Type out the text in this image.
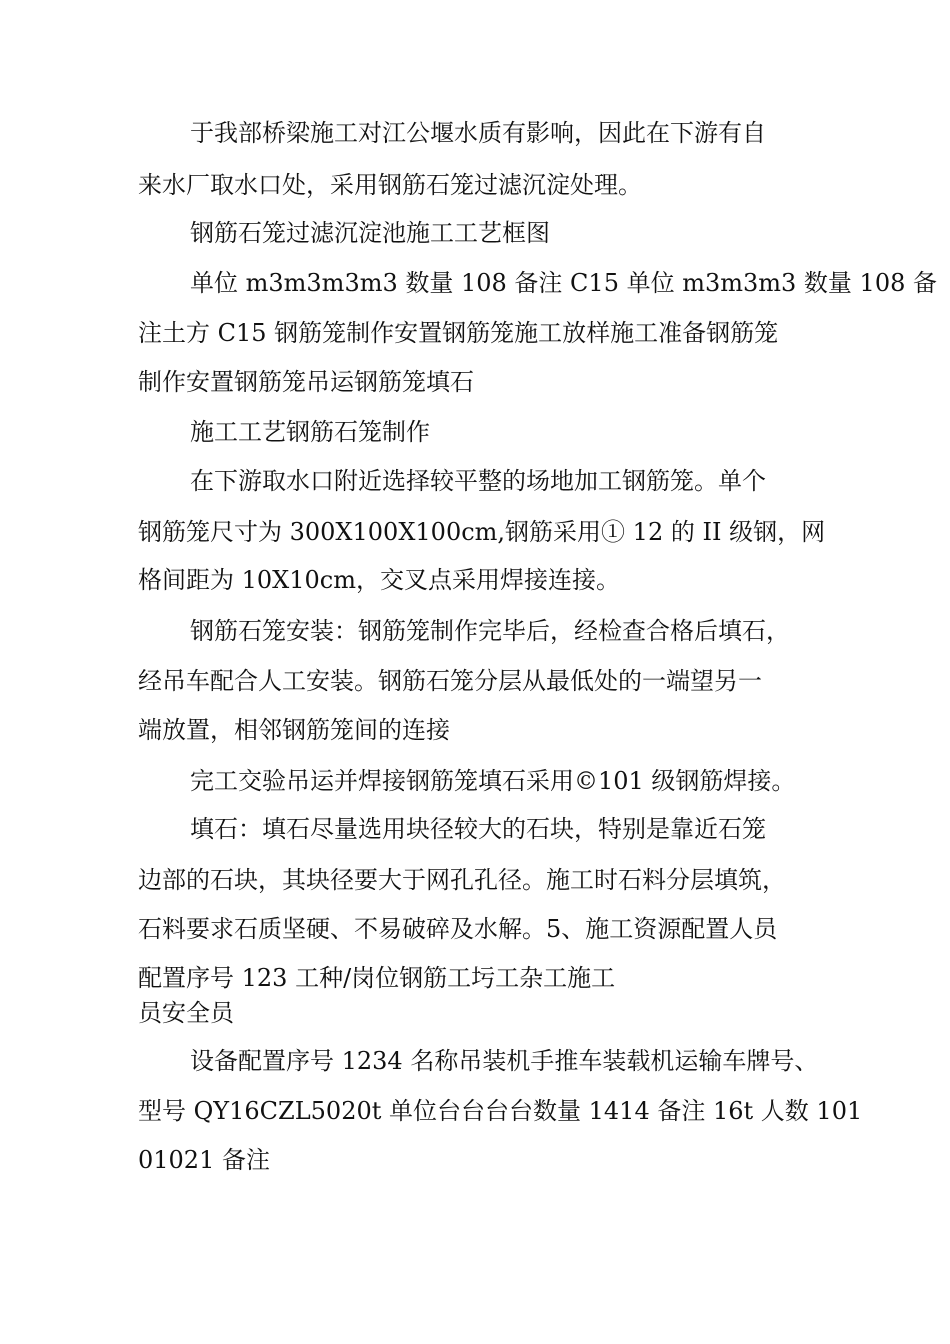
于我部桥梁施工对江公堰水质有影响，因此在下游有自
来水厂取水口处，采用钢筋石笼过滤沉淀处理。
钢筋石笼过滤沉淀池施工工艺框图
单位 m3m3m3m3 数量 108 备注 C15 单位 m3m3m3 数量 108 备
注土方 C15 钢筋笼制作安置钢筋笼施工放样施工准备钢筋笼
制作安置钢筋笼吊运钢筋笼填石
施工工艺钢筋石笼制作
在下游取水口附近选择较平整的场地加工钢筋笼。单个
钢筋笼尺寸为 300X100X100cm,钢筋采用① 12 的 II 级钢，网
格间距为 10X10cm，交叉点采用焊接连接。
钢筋石笼安装：钢筋笼制作完毕后，经检查合格后填石，
经吊车配合人工安装。钢筋石笼分层从最低处的一端望另一
端放置，相邻钢筋笼间的连接
完工交验吊运并焊接钢筋笼填石采用©101 级钢筋焊接。
填石：填石尽量选用块径较大的石块，特别是靠近石笼
边部的石块，其块径要大于网孔孔径。施工时石料分层填筑，
石料要求石质坚硬、不易破碎及水解。5、施工资源配置人员
配置序号 123 工种/岗位钢筋工圬工杂工施工
员安全员
设备配置序号 1234 名称吊装机手推车装载机运输车牌号、
型号 QY16CZL5020t 单位台台台台数量 1414 备注 16t 人数 101
01021 备注
